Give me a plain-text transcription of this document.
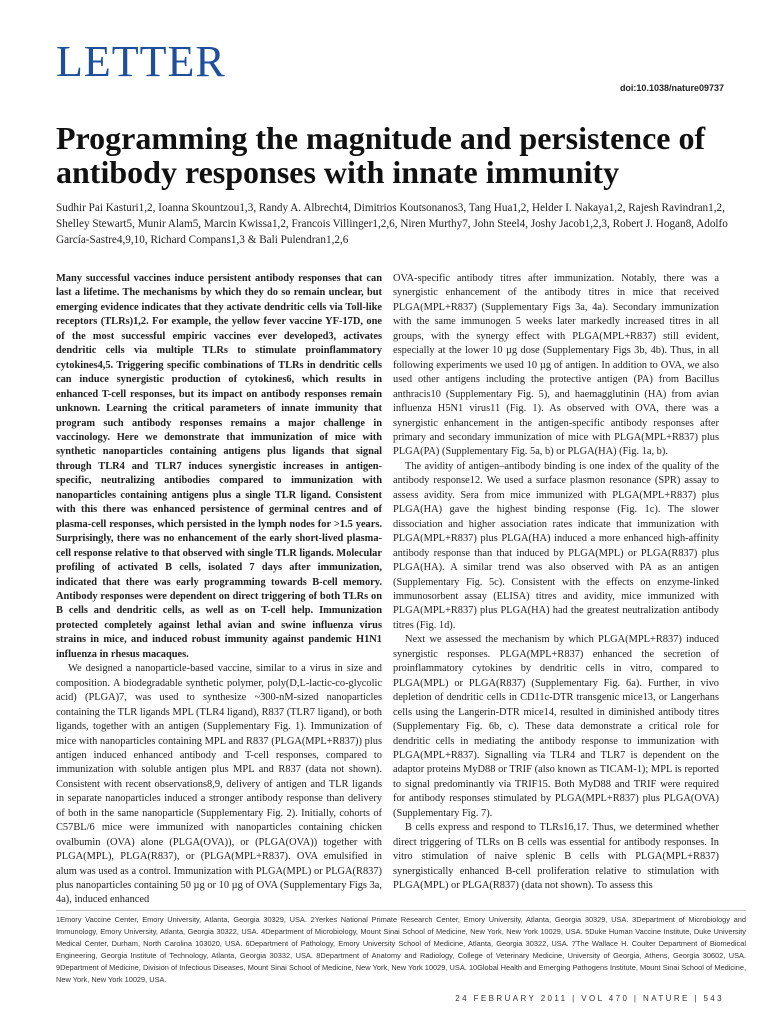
LETTER
doi:10.1038/nature09737
Programming the magnitude and persistence of antibody responses with innate immunity
Sudhir Pai Kasturi1,2, Ioanna Skountzou1,3, Randy A. Albrecht4, Dimitrios Koutsonanos3, Tang Hua1,2, Helder I. Nakaya1,2, Rajesh Ravindran1,2, Shelley Stewart5, Munir Alam5, Marcin Kwissa1,2, Francois Villinger1,2,6, Niren Murthy7, John Steel4, Joshy Jacob1,2,3, Robert J. Hogan8, Adolfo García-Sastre4,9,10, Richard Compans1,3 & Bali Pulendran1,2,6

Many successful vaccines induce persistent antibody responses that can last a lifetime. The mechanisms by which they do so remain unclear, but emerging evidence indicates that they activate dendritic cells via Toll-like receptors (TLRs)1,2. For example, the yellow fever vaccine YF-17D, one of the most successful empiric vaccines ever developed3, activates dendritic cells via multiple TLRs to stimulate proinflammatory cytokines4,5. Triggering specific combinations of TLRs in dendritic cells can induce synergistic production of cytokines6, which results in enhanced T-cell responses, but its impact on antibody responses remain unknown. Learning the critical parameters of innate immunity that program such antibody responses remains a major challenge in vaccinology. Here we demonstrate that immunization of mice with synthetic nanoparticles containing antigens plus ligands that signal through TLR4 and TLR7 induces synergistic increases in antigen-specific, neutralizing antibodies compared to immunization with nanoparticles containing antigens plus a single TLR ligand. Consistent with this there was enhanced persistence of germinal centres and of plasma-cell responses, which persisted in the lymph nodes for >1.5 years. Surprisingly, there was no enhancement of the early short-lived plasma-cell response relative to that observed with single TLR ligands. Molecular profiling of activated B cells, isolated 7 days after immunization, indicated that there was early programming towards B-cell memory. Antibody responses were dependent on direct triggering of both TLRs on B cells and dendritic cells, as well as on T-cell help. Immunization protected completely against lethal avian and swine influenza virus strains in mice, and induced robust immunity against pandemic H1N1 influenza in rhesus macaques.

We designed a nanoparticle-based vaccine, similar to a virus in size and composition. A biodegradable synthetic polymer, poly(D,L-lactic-co-glycolic acid) (PLGA)7, was used to synthesize ~300-nM-sized nanoparticles containing the TLR ligands MPL (TLR4 ligand), R837 (TLR7 ligand), or both ligands, together with an antigen (Supplementary Fig. 1). Immunization of mice with nanoparticles containing MPL and R837 (PLGA(MPL+R837)) plus antigen induced enhanced antibody and T-cell responses, compared to immunization with soluble antigen plus MPL and R837 (data not shown). Consistent with recent observations8,9, delivery of antigen and TLR ligands in separate nanoparticles induced a stronger antibody response than delivery of both in the same nanoparticle (Supplementary Fig. 2). Initially, cohorts of C57BL/6 mice were immunized with nanoparticles containing chicken ovalbumin (OVA) alone (PLGA(OVA)), or (PLGA(OVA)) together with PLGA(MPL), PLGA(R837), or (PLGA(MPL+R837). OVA emulsified in alum was used as a control. Immunization with PLGA(MPL) or PLGA(R837) plus nanoparticles containing 50 µg or 10 µg of OVA (Supplementary Figs 3a, 4a), induced enhanced

OVA-specific antibody titres after immunization. Notably, there was a synergistic enhancement of the antibody titres in mice that received PLGA(MPL+R837) (Supplementary Figs 3a, 4a). Secondary immunization with the same immunogen 5 weeks later markedly increased titres in all groups, with the synergy effect with PLGA(MPL+R837) still evident, especially at the lower 10 µg dose (Supplementary Figs 3b, 4b). Thus, in all following experiments we used 10 µg of antigen. In addition to OVA, we also used other antigens including the protective antigen (PA) from Bacillus anthracis10 (Supplementary Fig. 5), and haemagglutinin (HA) from avian influenza H5N1 virus11 (Fig. 1). As observed with OVA, there was a synergistic enhancement in the antigen-specific antibody responses after primary and secondary immunization of mice with PLGA(MPL+R837) plus PLGA(PA) (Supplementary Fig. 5a, b) or PLGA(HA) (Fig. 1a, b).

The avidity of antigen–antibody binding is one index of the quality of the antibody response12. We used a surface plasmon resonance (SPR) assay to assess avidity. Sera from mice immunized with PLGA(MPL+R837) plus PLGA(HA) gave the highest binding response (Fig. 1c). The slower dissociation and higher association rates indicate that immunization with PLGA(MPL+R837) plus PLGA(HA) induced a more enhanced high-affinity antibody response than that induced by PLGA(MPL) or PLGA(R837) plus PLGA(HA). A similar trend was also observed with PA as an antigen (Supplementary Fig. 5c). Consistent with the effects on enzyme-linked immunosorbent assay (ELISA) titres and avidity, mice immunized with PLGA(MPL+R837) plus PLGA(HA) had the greatest neutralization antibody titres (Fig. 1d).

Next we assessed the mechanism by which PLGA(MPL+R837) induced synergistic responses. PLGA(MPL+R837) enhanced the secretion of proinflammatory cytokines by dendritic cells in vitro, compared to PLGA(MPL) or PLGA(R837) (Supplementary Fig. 6a). Further, in vivo depletion of dendritic cells in CD11c-DTR transgenic mice13, or Langerhans cells using the Langerin-DTR mice14, resulted in diminished antibody titres (Supplementary Fig. 6b, c). These data demonstrate a critical role for dendritic cells in mediating the antibody response to immunization with PLGA(MPL+R837). Signalling via TLR4 and TLR7 is dependent on the adaptor proteins MyD88 or TRIF (also known as TICAM-1); MPL is reported to signal predominantly via TRIF15. Both MyD88 and TRIF were required for antibody responses stimulated by PLGA(MPL+R837) plus PLGA(OVA) (Supplementary Fig. 7).

B cells express and respond to TLRs16,17. Thus, we determined whether direct triggering of TLRs on B cells was essential for antibody responses. In vitro stimulation of naive splenic B cells with PLGA(MPL+R837) synergistically enhanced B-cell proliferation relative to stimulation with PLGA(MPL) or PLGA(R837) (data not shown). To assess this

1Emory Vaccine Center, Emory University, Atlanta, Georgia 30329, USA. 2Yerkes National Primate Research Center, Emory University, Atlanta, Georgia 30329, USA. 3Department of Microbiology and Immunology, Emory University, Atlanta, Georgia 30322, USA. 4Department of Microbiology, Mount Sinai School of Medicine, New York, New York 10029, USA. 5Duke Human Vaccine Institute, Duke University Medical Center, Durham, North Carolina 103020, USA. 6Department of Pathology, Emory University School of Medicine, Atlanta, Georgia 30322, USA. 7The Wallace H. Coulter Department of Biomedical Engineering, Georgia Institute of Technology, Atlanta, Georgia 30332, USA. 8Department of Anatomy and Radiology, College of Veterinary Medicine, University of Georgia, Athens, Georgia 30602, USA. 9Department of Medicine, Division of Infectious Diseases, Mount Sinai School of Medicine, New York, New York 10029, USA. 10Global Health and Emerging Pathogens Institute, Mount Sinai School of Medicine, New York, New York 10029, USA.
24 FEBRUARY 2011 | VOL 470 | NATURE | 543
